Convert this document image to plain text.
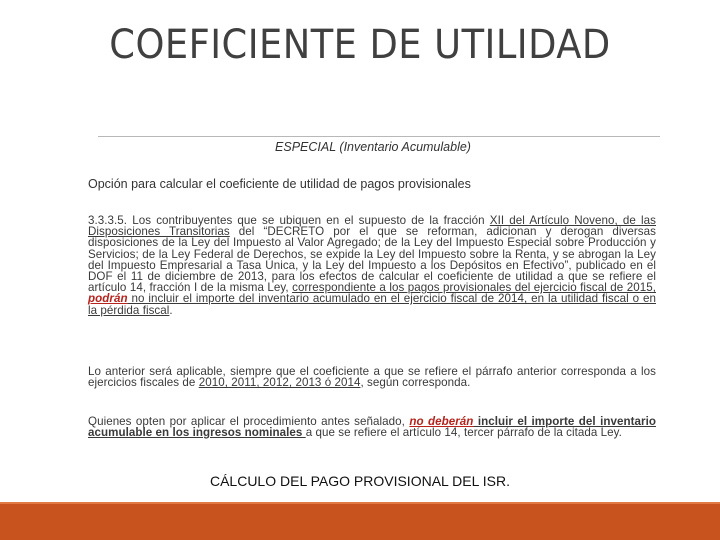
COEFICIENTE DE UTILIDAD
ESPECIAL (Inventario Acumulable)
Opción para calcular el coeficiente de utilidad de pagos provisionales
3.3.3.5. Los contribuyentes que se ubiquen en el supuesto de la fracción XII del Artículo Noveno, de las Disposiciones Transitorias del “DECRETO por el que se reforman, adicionan y derogan diversas disposiciones de la Ley del Impuesto al Valor Agregado; de la Ley del Impuesto Especial sobre Producción y Servicios; de la Ley Federal de Derechos, se expide la Ley del Impuesto sobre la Renta, y se abrogan la Ley del Impuesto Empresarial a Tasa Única, y la Ley del Impuesto a los Depósitos en Efectivo”, publicado en el DOF el 11 de diciembre de 2013, para los efectos de calcular el coeficiente de utilidad a que se refiere el artículo 14, fracción I de la misma Ley, correspondiente a los pagos provisionales del ejercicio fiscal de 2015, podrán no incluir el importe del inventario acumulado en el ejercicio fiscal de 2014, en la utilidad fiscal o en la pérdida fiscal.
Lo anterior será aplicable, siempre que el coeficiente a que se refiere el párrafo anterior corresponda a los ejercicios fiscales de 2010, 2011, 2012, 2013 ó 2014, según corresponda.
Quienes opten por aplicar el procedimiento antes señalado, no deberán incluir el importe del inventario acumulable en los ingresos nominales a que se refiere el artículo 14, tercer párrafo de la citada Ley.
CÁLCULO DEL PAGO PROVISIONAL DEL ISR.
